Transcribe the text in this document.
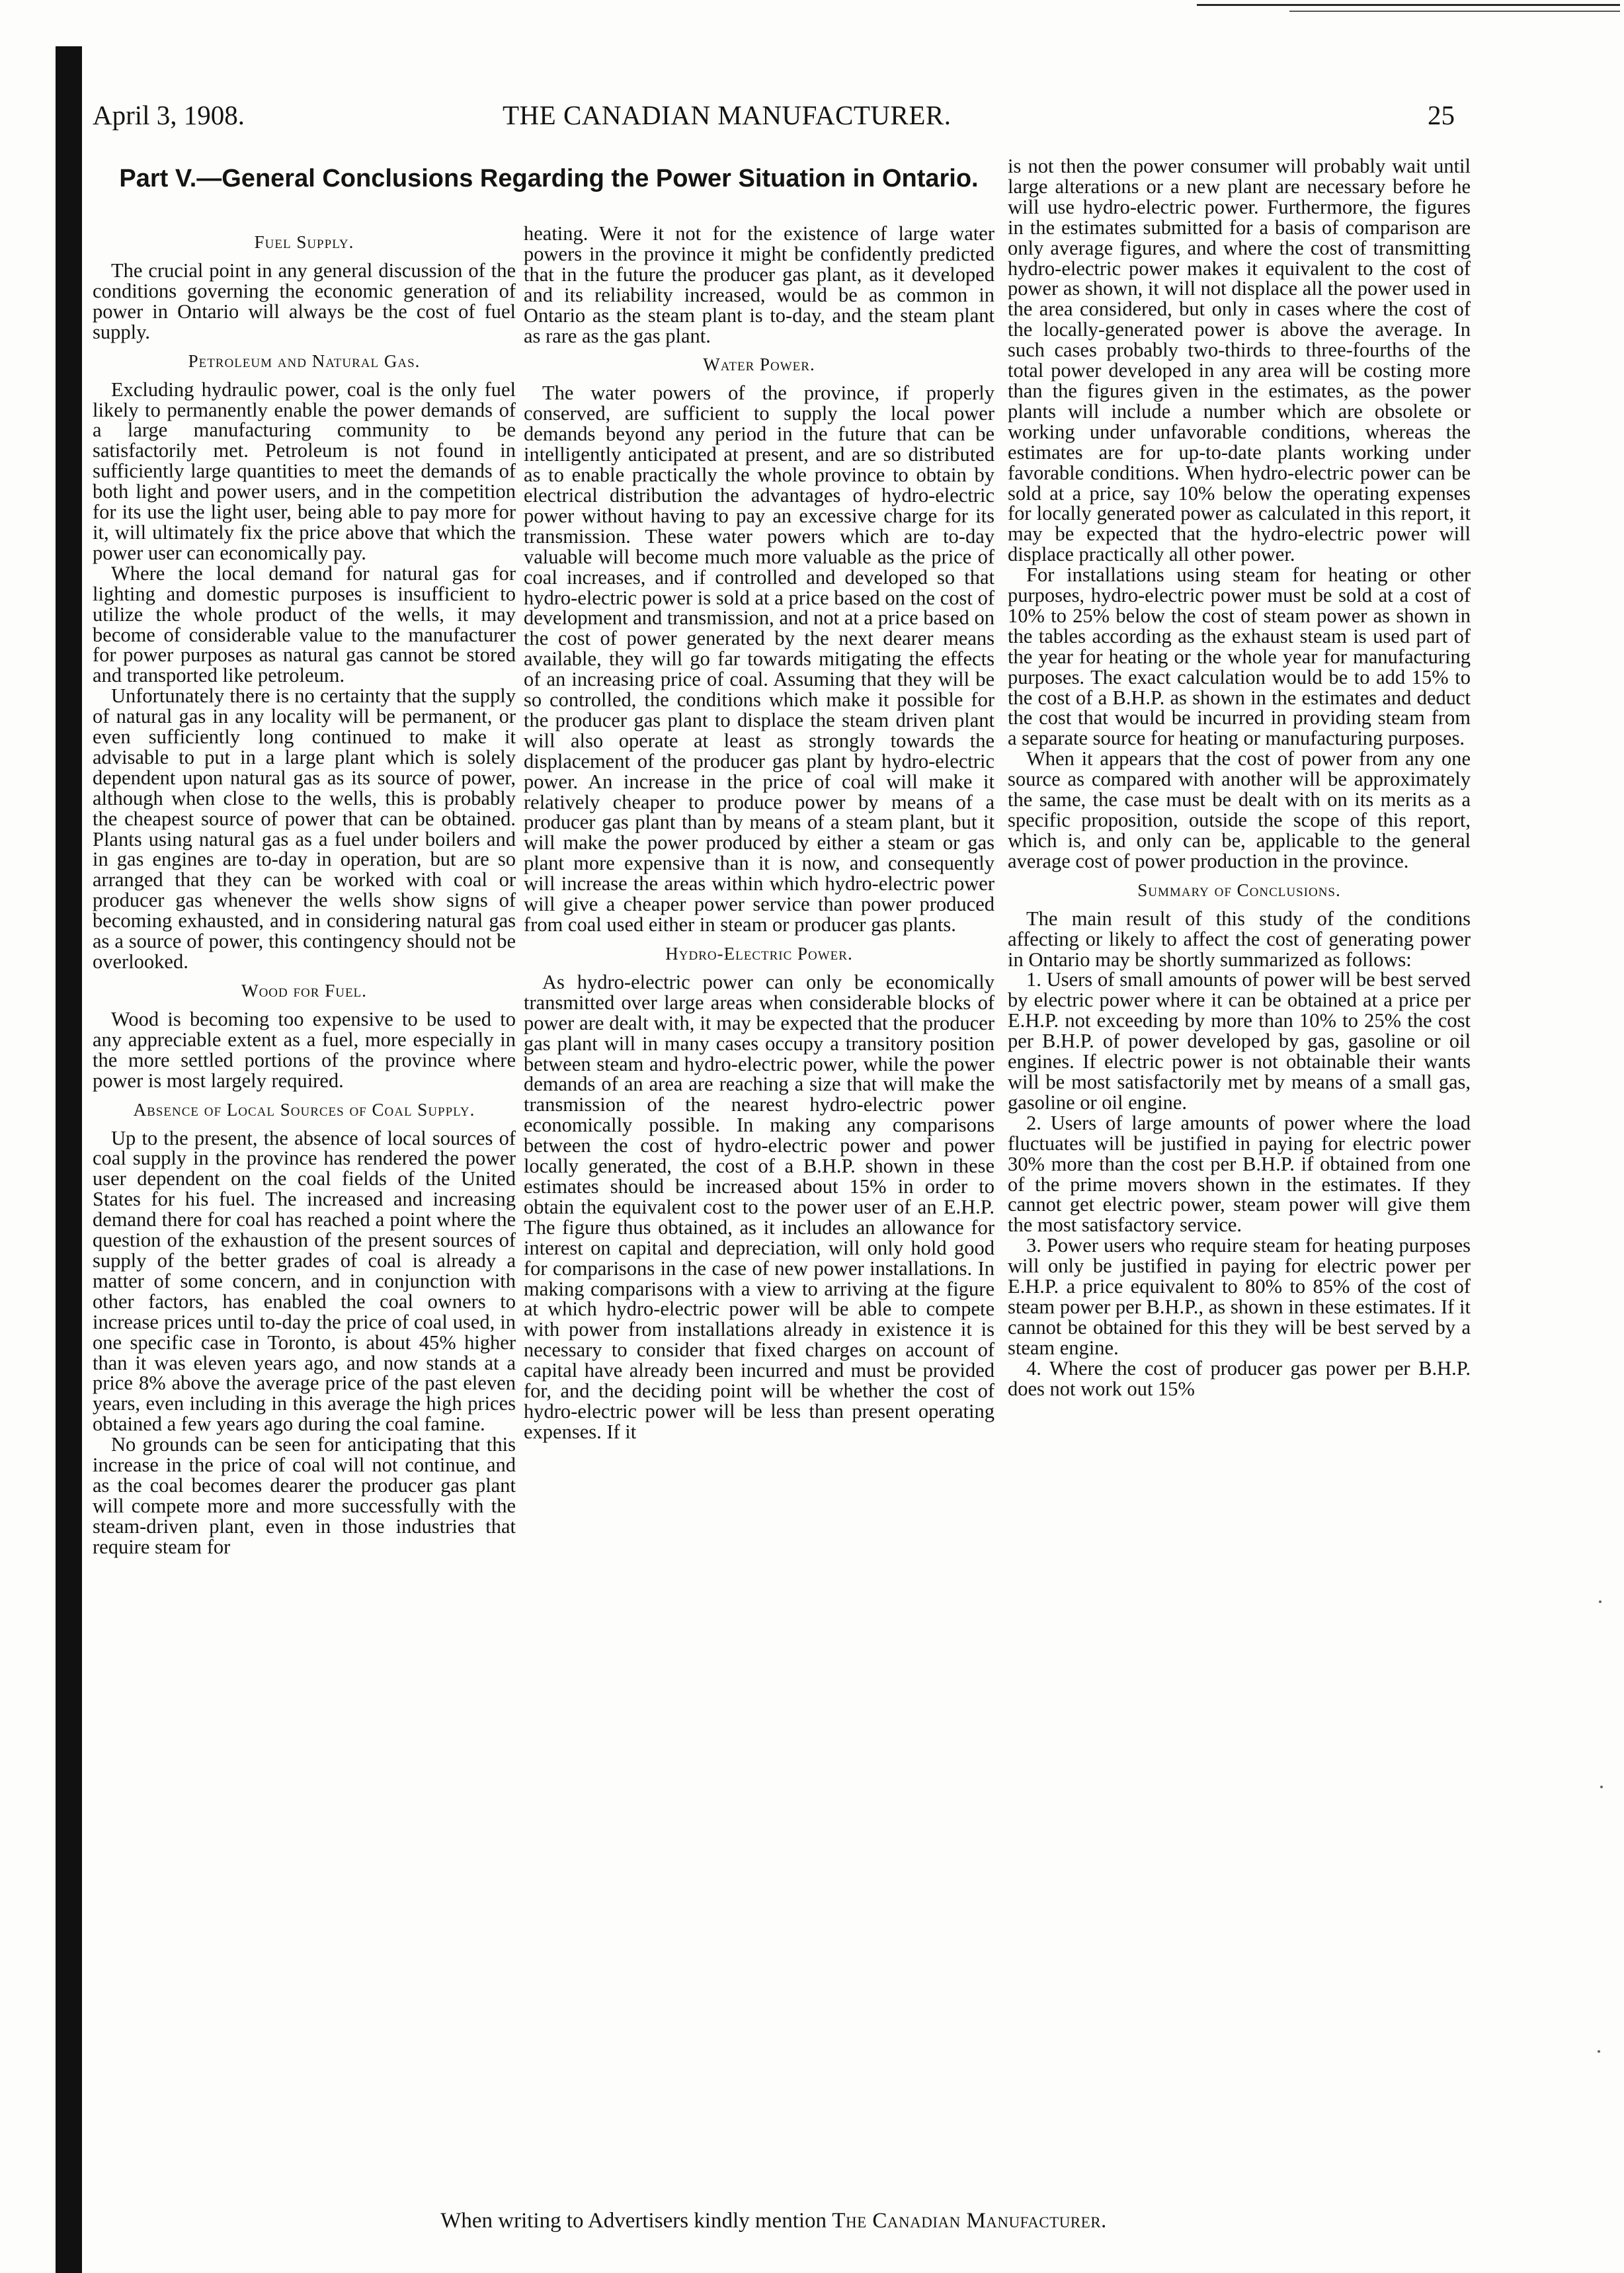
April 3, 1908.	THE CANADIAN MANUFACTURER.	25
Part V.—General Conclusions Regarding the Power Situation in Ontario.
Fuel Supply.

The crucial point in any general discussion of the conditions governing the economic generation of power in Ontario will always be the cost of fuel supply.

Petroleum and Natural Gas.

Excluding hydraulic power, coal is the only fuel likely to permanently enable the power demands of a large manufacturing community to be satisfactorily met. Petroleum is not found in sufficiently large quantities to meet the demands of both light and power users, and in the competition for its use the light user, being able to pay more for it, will ultimately fix the price above that which the power user can economically pay.

Where the local demand for natural gas for lighting and domestic purposes is insufficient to utilize the whole product of the wells, it may become of considerable value to the manufacturer for power purposes as natural gas cannot be stored and transported like petroleum.

Unfortunately there is no certainty that the supply of natural gas in any locality will be permanent, or even sufficiently long continued to make it advisable to put in a large plant which is solely dependent upon natural gas as its source of power, although when close to the wells, this is probably the cheapest source of power that can be obtained. Plants using natural gas as a fuel under boilers and in gas engines are to-day in operation, but are so arranged that they can be worked with coal or producer gas whenever the wells show signs of becoming exhausted, and in considering natural gas as a source of power, this contingency should not be overlooked.

Wood for Fuel.

Wood is becoming too expensive to be used to any appreciable extent as a fuel, more especially in the more settled portions of the province where power is most largely required.

Absence of Local Sources of Coal Supply.

Up to the present, the absence of local sources of coal supply in the province has rendered the power user dependent on the coal fields of the United States for his fuel. The increased and increasing demand there for coal has reached a point where the question of the exhaustion of the present sources of supply of the better grades of coal is already a matter of some concern, and in conjunction with other factors, has enabled the coal owners to increase prices until to-day the price of coal used, in one specific case in Toronto, is about 45% higher than it was eleven years ago, and now stands at a price 8% above the average price of the past eleven years, even including in this average the high prices obtained a few years ago during the coal famine.

No grounds can be seen for anticipating that this increase in the price of coal will not continue, and as the coal becomes dearer the producer gas plant will compete more and more successfully with the steam-driven plant, even in those industries that require steam for

heating. Were it not for the existence of large water powers in the province it might be confidently predicted that in the future the producer gas plant, as it developed and its reliability increased, would be as common in Ontario as the steam plant is to-day, and the steam plant as rare as the gas plant.

Water Power.

The water powers of the province, if properly conserved, are sufficient to supply the local power demands beyond any period in the future that can be intelligently anticipated at present, and are so distributed as to enable practically the whole province to obtain by electrical distribution the advantages of hydro-electric power without having to pay an excessive charge for its transmission. These water powers which are to-day valuable will become much more valuable as the price of coal increases, and if controlled and developed so that hydro-electric power is sold at a price based on the cost of development and transmission, and not at a price based on the cost of power generated by the next dearer means available, they will go far towards mitigating the effects of an increasing price of coal. Assuming that they will be so controlled, the conditions which make it possible for the producer gas plant to displace the steam driven plant will also operate at least as strongly towards the displacement of the producer gas plant by hydro-electric power. An increase in the price of coal will make it relatively cheaper to produce power by means of a producer gas plant than by means of a steam plant, but it will make the power produced by either a steam or gas plant more expensive than it is now, and consequently will increase the areas within which hydro-electric power will give a cheaper power service than power produced from coal used either in steam or producer gas plants.

Hydro-Electric Power.

As hydro-electric power can only be economically transmitted over large areas when considerable blocks of power are dealt with, it may be expected that the producer gas plant will in many cases occupy a transitory position between steam and hydro-electric power, while the power demands of an area are reaching a size that will make the transmission of the nearest hydro-electric power economically possible. In making any comparisons between the cost of hydro-electric power and power locally generated, the cost of a B.H.P. shown in these estimates should be increased about 15% in order to obtain the equivalent cost to the power user of an E.H.P. The figure thus obtained, as it includes an allowance for interest on capital and depreciation, will only hold good for comparisons in the case of new power installations. In making comparisons with a view to arriving at the figure at which hydro-electric power will be able to compete with power from installations already in existence it is necessary to consider that fixed charges on account of capital have already been incurred and must be provided for, and the deciding point will be whether the cost of hydro-electric power will be less than present operating expenses. If it

is not then the power consumer will probably wait until large alterations or a new plant are necessary before he will use hydro-electric power. Furthermore, the figures in the estimates submitted for a basis of comparison are only average figures, and where the cost of transmitting hydro-electric power makes it equivalent to the cost of power as shown, it will not displace all the power used in the area considered, but only in cases where the cost of the locally-generated power is above the average. In such cases probably two-thirds to three-fourths of the total power developed in any area will be costing more than the figures given in the estimates, as the power plants will include a number which are obsolete or working under unfavorable conditions, whereas the estimates are for up-to-date plants working under favorable conditions. When hydro-electric power can be sold at a price, say 10% below the operating expenses for locally generated power as calculated in this report, it may be expected that the hydro-electric power will displace practically all other power.

For installations using steam for heating or other purposes, hydro-electric power must be sold at a cost of 10% to 25% below the cost of steam power as shown in the tables according as the exhaust steam is used part of the year for heating or the whole year for manufacturing purposes. The exact calculation would be to add 15% to the cost of a B.H.P. as shown in the estimates and deduct the cost that would be incurred in providing steam from a separate source for heating or manufacturing purposes.

When it appears that the cost of power from any one source as compared with another will be approximately the same, the case must be dealt with on its merits as a specific proposition, outside the scope of this report, which is, and only can be, applicable to the general average cost of power production in the province.

Summary of Conclusions.

The main result of this study of the conditions affecting or likely to affect the cost of generating power in Ontario may be shortly summarized as follows:

1. Users of small amounts of power will be best served by electric power where it can be obtained at a price per E.H.P. not exceeding by more than 10% to 25% the cost per B.H.P. of power developed by gas, gasoline or oil engines. If electric power is not obtainable their wants will be most satisfactorily met by means of a small gas, gasoline or oil engine.

2. Users of large amounts of power where the load fluctuates will be justified in paying for electric power 30% more than the cost per B.H.P. if obtained from one of the prime movers shown in the estimates. If they cannot get electric power, steam power will give them the most satisfactory service.

3. Power users who require steam for heating purposes will only be justified in paying for electric power per E.H.P. a price equivalent to 80% to 85% of the cost of steam power per B.H.P., as shown in these estimates. If it cannot be obtained for this they will be best served by a steam engine.

4. Where the cost of producer gas power per B.H.P. does not work out 15%

When writing to Advertisers kindly mention The Canadian Manufacturer.
